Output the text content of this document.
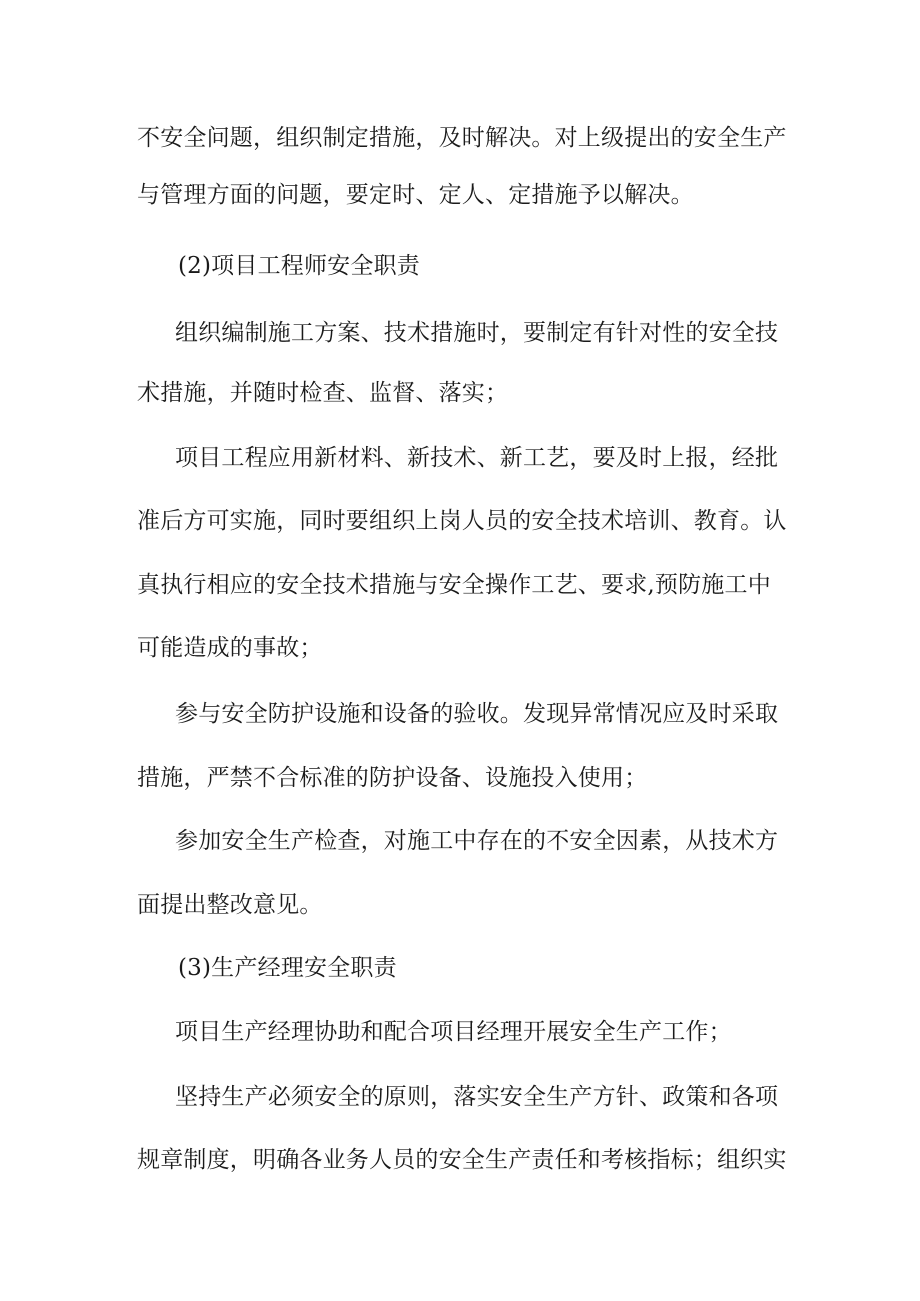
不安全问题，组织制定措施，及时解决。对上级提出的安全生产
与管理方面的问题，要定时、定人、定措施予以解决。
(2)项目工程师安全职责
组织编制施工方案、技术措施时，要制定有针对性的安全技
术措施，并随时检查、监督、落实；
项目工程应用新材料、新技术、新工艺，要及时上报，经批
准后方可实施，同时要组织上岗人员的安全技术培训、教育。认
真执行相应的安全技术措施与安全操作工艺、要求,预防施工中
可能造成的事故；
参与安全防护设施和设备的验收。发现异常情况应及时采取
措施，严禁不合标准的防护设备、设施投入使用；
参加安全生产检查，对施工中存在的不安全因素，从技术方
面提出整改意见。
(3)生产经理安全职责
项目生产经理协助和配合项目经理开展安全生产工作；
坚持生产必须安全的原则，落实安全生产方针、政策和各项
规章制度，明确各业务人员的安全生产责任和考核指标；组织实
